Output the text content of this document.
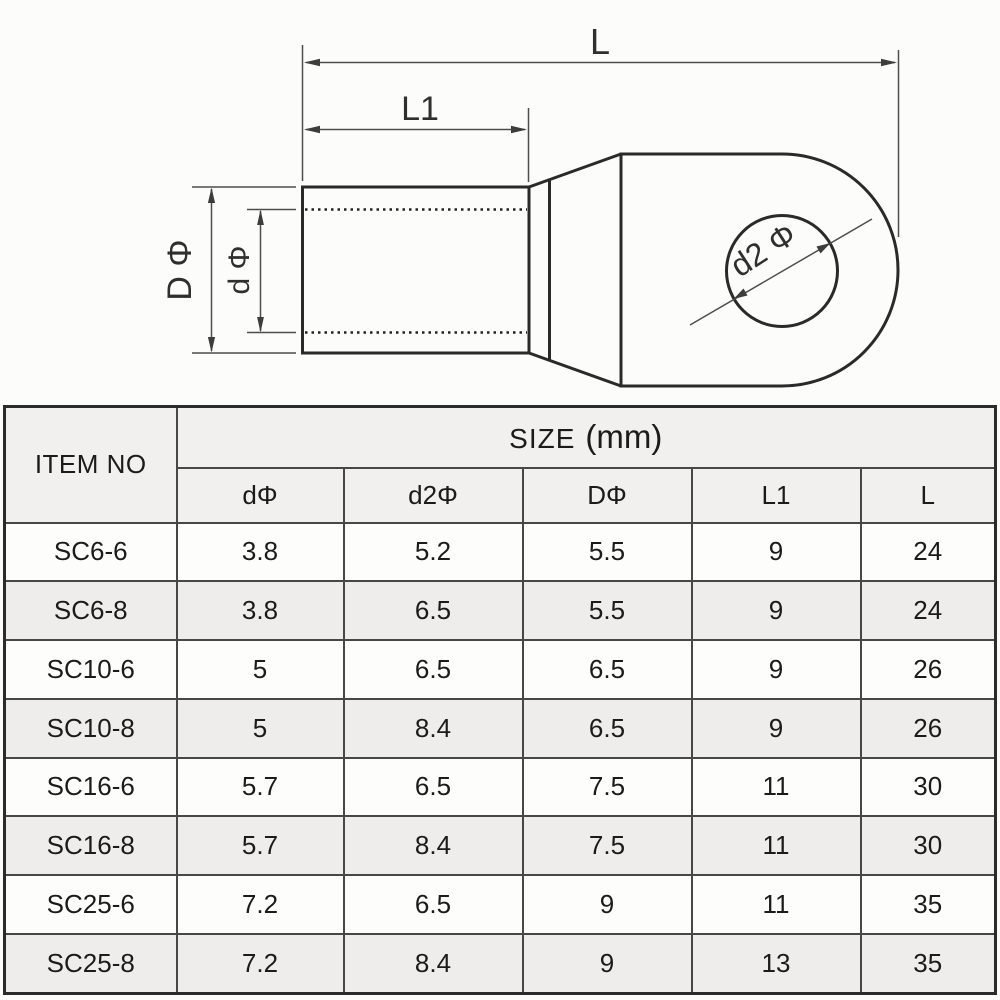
L
L1
D Φ d Φ	d2 Φ
ITEM NO	SIZE (mm)				
	dΦ	d2Φ	DΦ	L1	L
SC6-6	3.8	5.2	5.5	9	24
SC6-8	3.8	6.5	5.5	9	24
SC10-6	5	6.5	6.5	9	26
SC10-8	5	8.4	6.5	9	26
SC16-6	5.7	6.5	7.5	11	30
SC16-8	5.7	8.4	7.5	11	30
SC25-6	7.2	6.5	9	11	35
SC25-8	7.2	8.4	9	13	35
